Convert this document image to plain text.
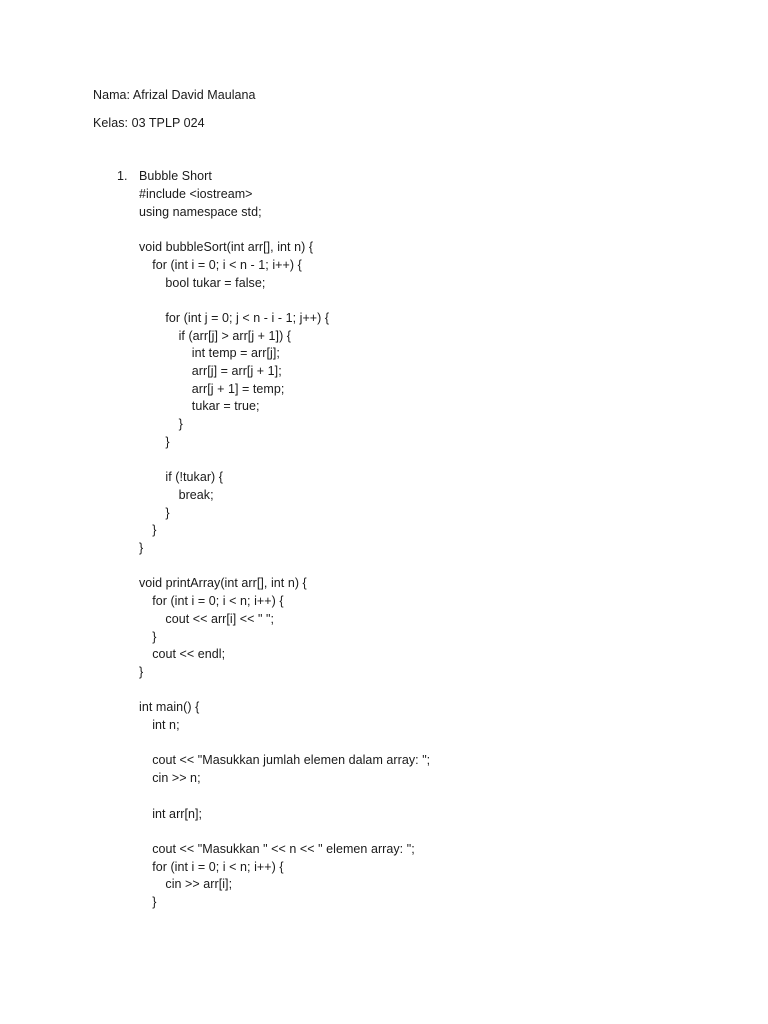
Nama: Afrizal David Maulana
Kelas: 03 TPLP 024
1. Bubble Short
#include <iostream>
using namespace std;
void bubbleSort(int arr[], int n) {
for (int i = 0; i < n - 1; i++) {
bool tukar = false;
for (int j = 0; j < n - i - 1; j++) {
if (arr[j] > arr[j + 1]) {
int temp = arr[j];
arr[j] = arr[j + 1];
arr[j + 1] = temp;
tukar = true;
}
}
if (!tukar) {
break;
}
}
}
void printArray(int arr[], int n) {
for (int i = 0; i < n; i++) {
cout << arr[i] << " ";
}
cout << endl;
}
int main() {
int n;
cout << "Masukkan jumlah elemen dalam array: ";
cin >> n;
int arr[n];
cout << "Masukkan " << n << " elemen array: ";
for (int i = 0; i < n; i++) {
cin >> arr[i];
}
